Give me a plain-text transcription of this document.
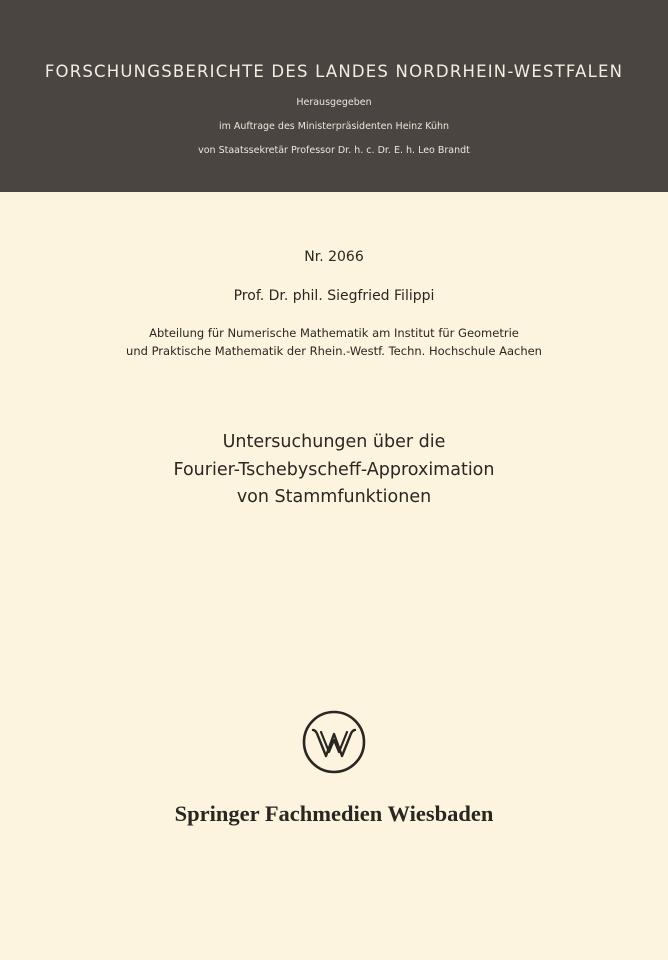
FORSCHUNGSBERICHTE DES LANDES NORDRHEIN-WESTFALEN
Herausgegeben
im Auftrage des Ministerpräsidenten Heinz Kühn
von Staatssekretär Professor Dr. h. c. Dr. E. h. Leo Brandt
Nr. 2066
Prof. Dr. phil. Siegfried Filippi
Abteilung für Numerische Mathematik am Institut für Geometrie
und Praktische Mathematik der Rhein.-Westf. Techn. Hochschule Aachen
Untersuchungen über die
Fourier-Tschebyscheff-Approximation
von Stammfunktionen
Springer Fachmedien Wiesbaden
